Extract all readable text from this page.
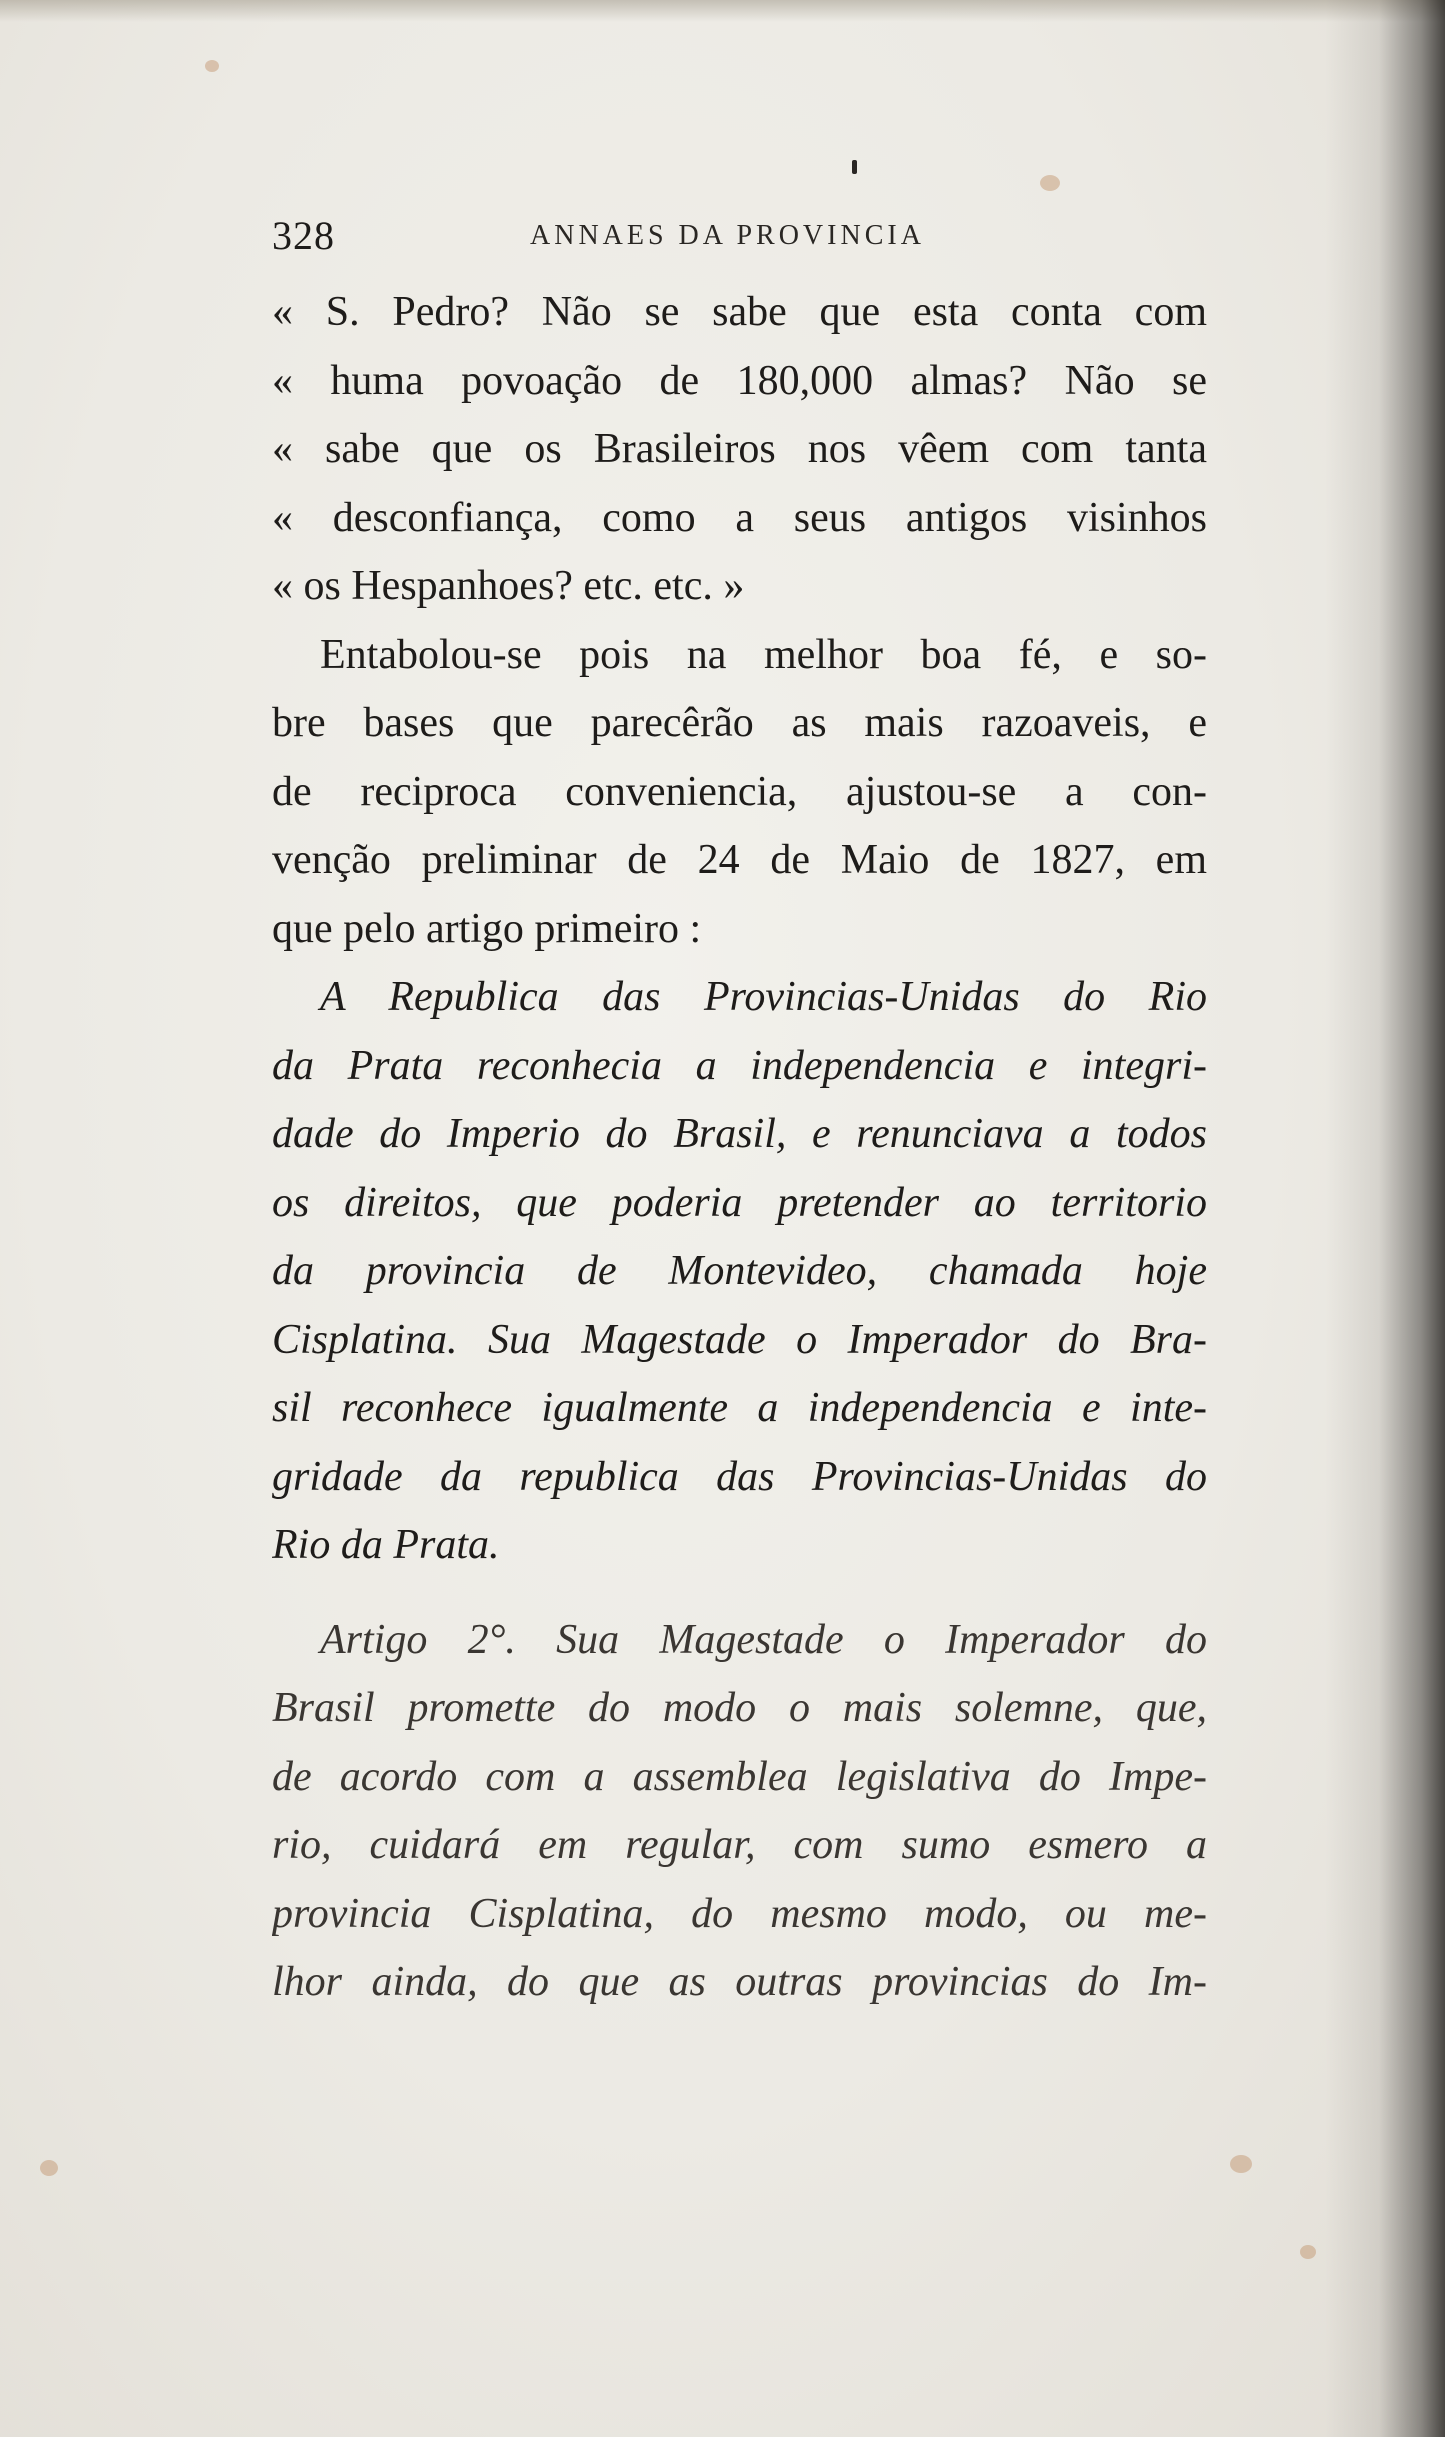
328	ANNAES DA PROVINCIA
« S. Pedro? Não se sabe que esta conta com
« huma povoação de 180,000 almas? Não se
« sabe que os Brasileiros nos vêem com tanta
« desconfiança, como a seus antigos visinhos
« os Hespanhoes? etc. etc. »
Entabolou-se pois na melhor boa fé, e so-
bre bases que parecêrão as mais razoaveis, e
de reciproca conveniencia, ajustou-se a con-
venção preliminar de 24 de Maio de 1827, em
que pelo artigo primeiro :
A Republica das Provincias-Unidas do Rio
da Prata reconhecia a independencia e integri-
dade do Imperio do Brasil, e renunciava a todos
os direitos, que poderia pretender ao territorio
da provincia de Montevideo, chamada hoje
Cisplatina. Sua Magestade o Imperador do Bra-
sil reconhece igualmente a independencia e inte-
gridade da republica das Provincias-Unidas do
Rio da Prata.
Artigo 2°. Sua Magestade o Imperador do
Brasil promette do modo o mais solemne, que,
de acordo com a assemblea legislativa do Impe-
rio, cuidará em regular, com sumo esmero a
provincia Cisplatina, do mesmo modo, ou me-
lhor ainda, do que as outras provincias do Im-
